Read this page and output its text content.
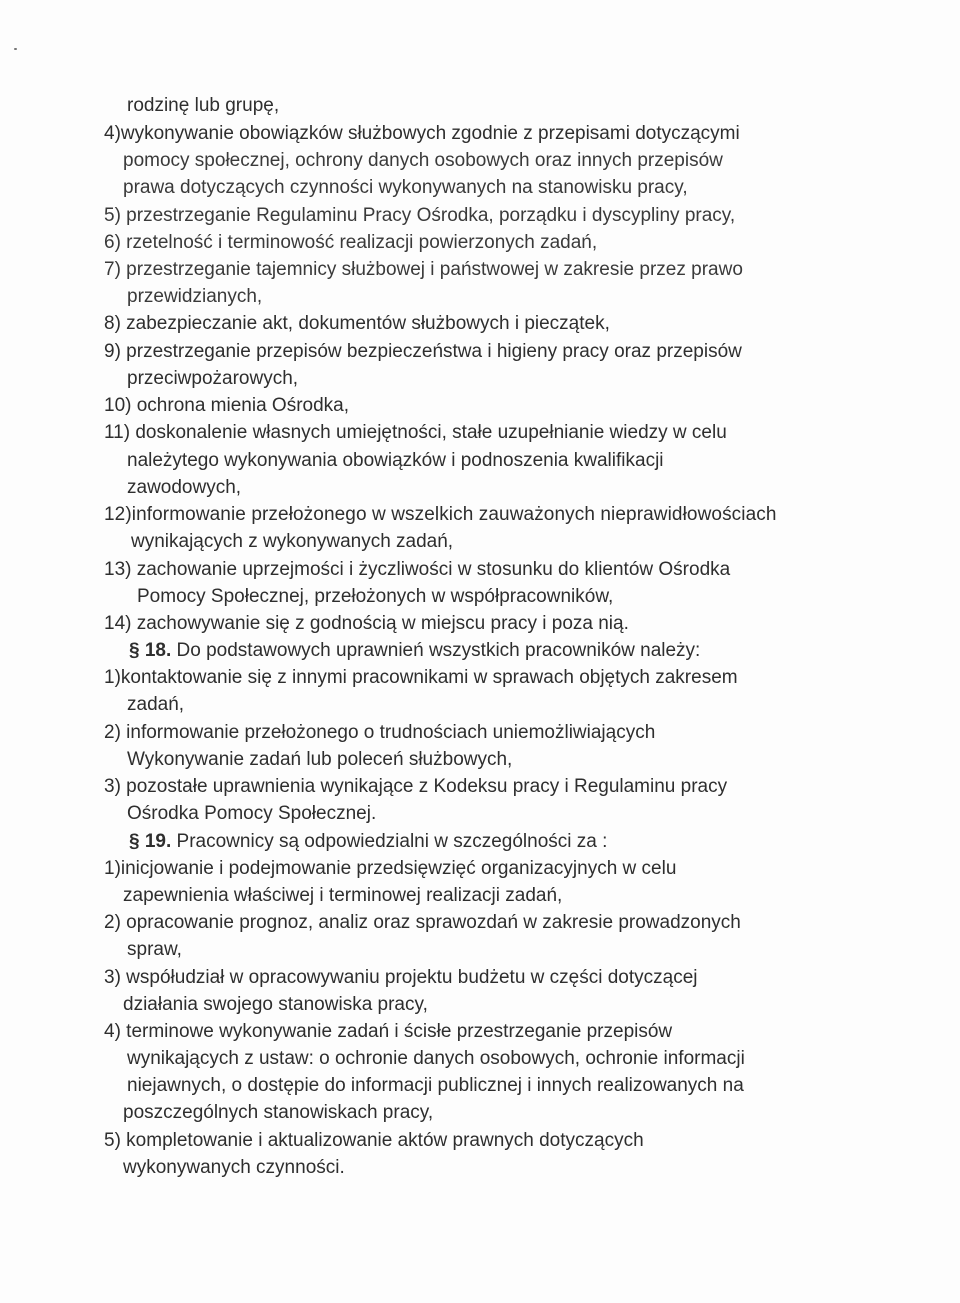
rodzinę lub grupę,
4)wykonywanie obowiązków służbowych zgodnie z przepisami dotyczącymi
pomocy społecznej, ochrony danych osobowych oraz innych przepisów
prawa dotyczących czynności wykonywanych na stanowisku pracy,
5) przestrzeganie Regulaminu Pracy Ośrodka, porządku i dyscypliny pracy,
6) rzetelność i terminowość realizacji powierzonych zadań,
7) przestrzeganie tajemnicy służbowej i państwowej w zakresie przez prawo
przewidzianych,
8) zabezpieczanie akt, dokumentów służbowych i pieczątek,
9) przestrzeganie przepisów bezpieczeństwa i higieny pracy oraz przepisów
przeciwpożarowych,
10) ochrona mienia Ośrodka,
11) doskonalenie własnych umiejętności, stałe uzupełnianie wiedzy w celu
należytego wykonywania obowiązków i podnoszenia kwalifikacji
zawodowych,
12)informowanie przełożonego w wszelkich zauważonych nieprawidłowościach
wynikających z wykonywanych zadań,
13) zachowanie uprzejmości i życzliwości w stosunku do klientów Ośrodka
Pomocy Społecznej, przełożonych w współpracowników,
14) zachowywanie się z godnością w miejscu pracy i poza nią.
§ 18. Do podstawowych uprawnień wszystkich pracowników należy:
1)kontaktowanie się z innymi pracownikami w sprawach objętych zakresem
zadań,
2) informowanie przełożonego o trudnościach uniemożliwiających
Wykonywanie zadań lub poleceń służbowych,
3) pozostałe uprawnienia wynikające z Kodeksu pracy i Regulaminu pracy
Ośrodka Pomocy Społecznej.
§ 19. Pracownicy są odpowiedzialni w szczególności za :
1)inicjowanie i podejmowanie przedsięwzięć organizacyjnych w celu
zapewnienia właściwej i terminowej realizacji zadań,
2) opracowanie prognoz, analiz oraz sprawozdań w zakresie prowadzonych
spraw,
3) współudział w opracowywaniu projektu budżetu w części dotyczącej
działania swojego stanowiska pracy,
4) terminowe wykonywanie zadań i ścisłe przestrzeganie przepisów
wynikających z ustaw: o ochronie danych osobowych, ochronie informacji
niejawnych, o dostępie do informacji publicznej i innych realizowanych na
poszczególnych stanowiskach pracy,
5) kompletowanie i aktualizowanie aktów prawnych dotyczących
wykonywanych czynności.
